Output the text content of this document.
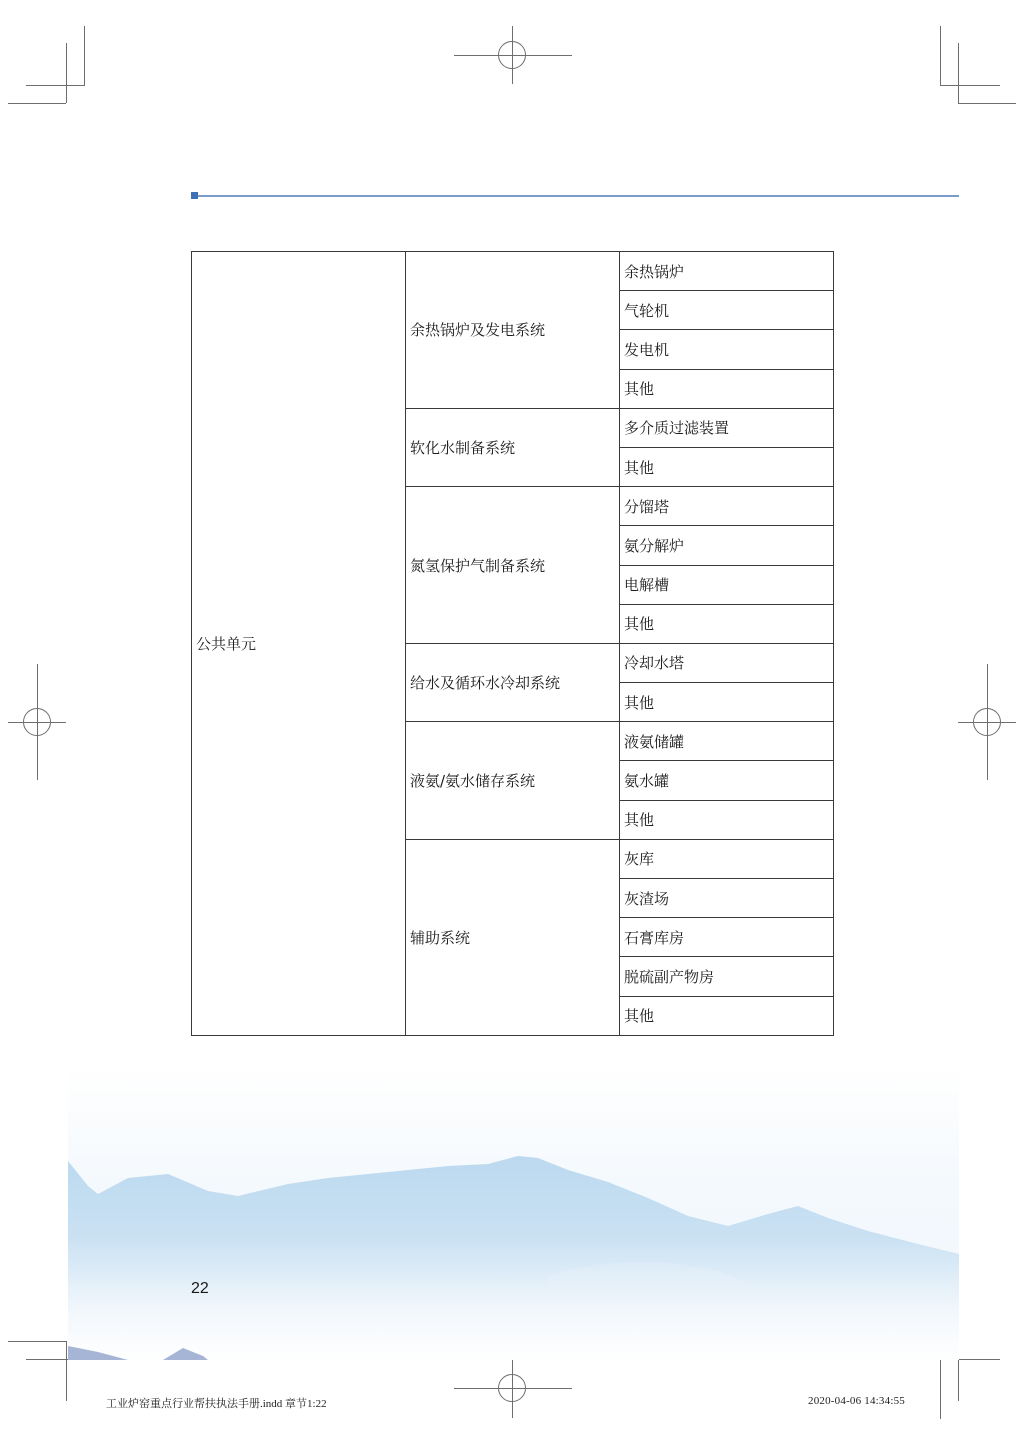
公共单元	余热锅炉及发电系统	余热锅炉
		气轮机
		发电机
		其他
	软化水制备系统	多介质过滤装置
		其他
	氮氢保护气制备系统	分馏塔
		氨分解炉
		电解槽
		其他
	给水及循环水冷却系统	冷却水塔
		其他
	液氨/氨水储存系统	液氨储罐
		氨水罐
		其他
	辅助系统	灰库
		灰渣场
		石膏库房
		脱硫副产物房
		其他
22
工业炉窑重点行业帮扶执法手册.indd 章节1:22	2020-04-06 14:34:55
